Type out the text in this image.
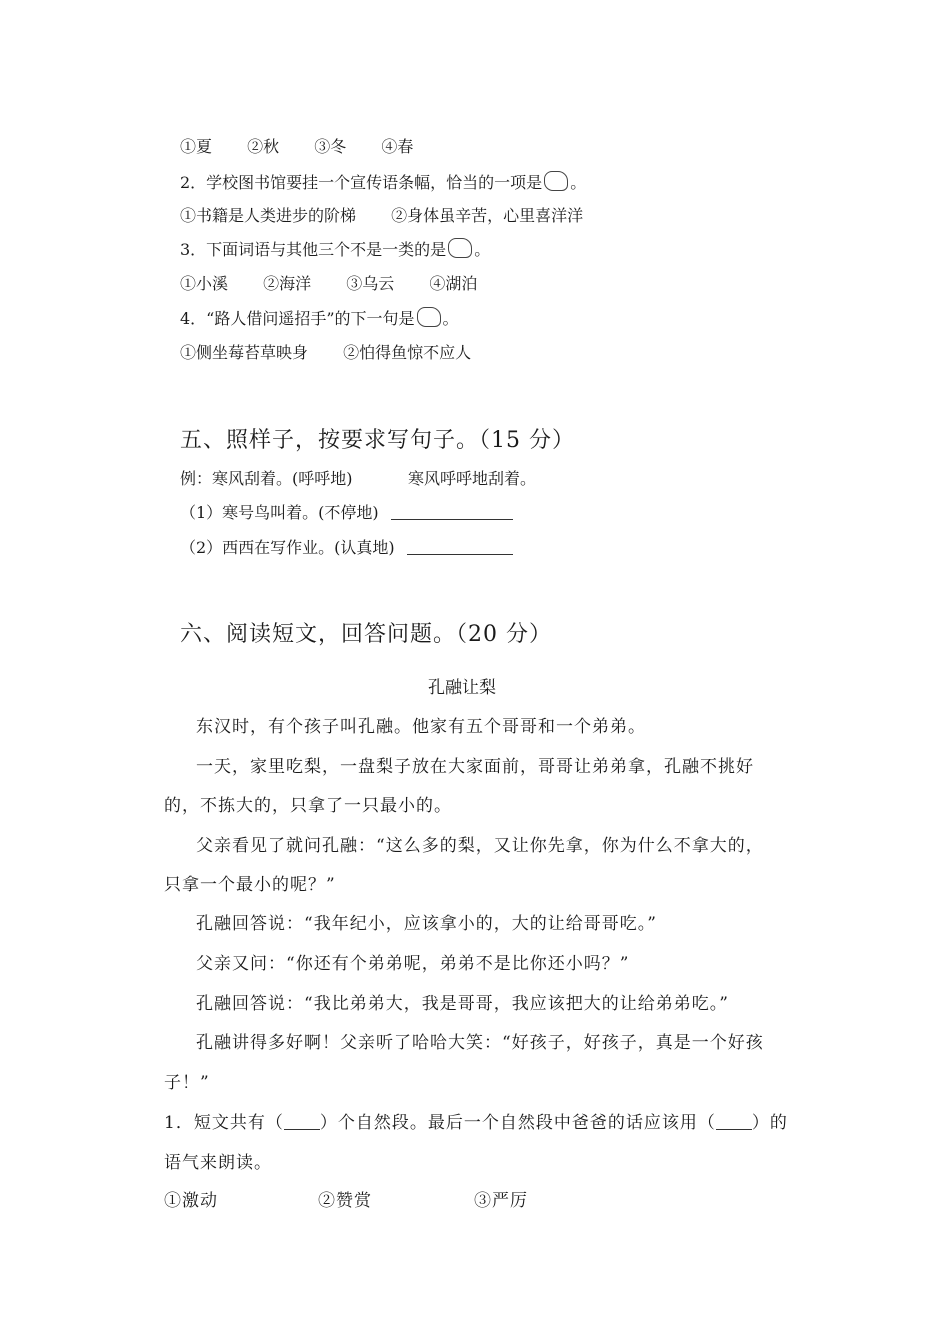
①夏 ②秋 ③冬 ④春
2．学校图书馆要挂一个宣传语条幅，恰当的一项是 。
①书籍是人类进步的阶梯 ②身体虽辛苦，心里喜洋洋
3．下面词语与其他三个不是一类的是 。
①小溪 ②海洋 ③乌云 ④湖泊
4．“路人借问遥招手”的下一句是 。
①侧坐莓苔草映身 ②怕得鱼惊不应人
五、照样子，按要求写句子。（15 分）
例：寒风刮着。(呼呼地)	寒风呼呼地刮着。
（1）寒号鸟叫着。(不停地)
（2）西西在写作业。(认真地)
六、阅读短文，回答问题。（20 分）
孔融让梨
东汉时，有个孩子叫孔融。他家有五个哥哥和一个弟弟。
一天，家里吃梨，一盘梨子放在大家面前，哥哥让弟弟拿，孔融不挑好
的，不拣大的，只拿了一只最小的。
父亲看见了就问孔融：“这么多的梨，又让你先拿，你为什么不拿大的，
只拿一个最小的呢？”
孔融回答说：“我年纪小，应该拿小的，大的让给哥哥吃。”
父亲又问：“你还有个弟弟呢，弟弟不是比你还小吗？”
孔融回答说：“我比弟弟大，我是哥哥，我应该把大的让给弟弟吃。”
孔融讲得多好啊！父亲听了哈哈大笑：“好孩子，好孩子，真是一个好孩
子！”
1．短文共有（ ）个自然段。最后一个自然段中爸爸的话应该用（ ）的
语气来朗读。
①激动	②赞赏	③严厉
